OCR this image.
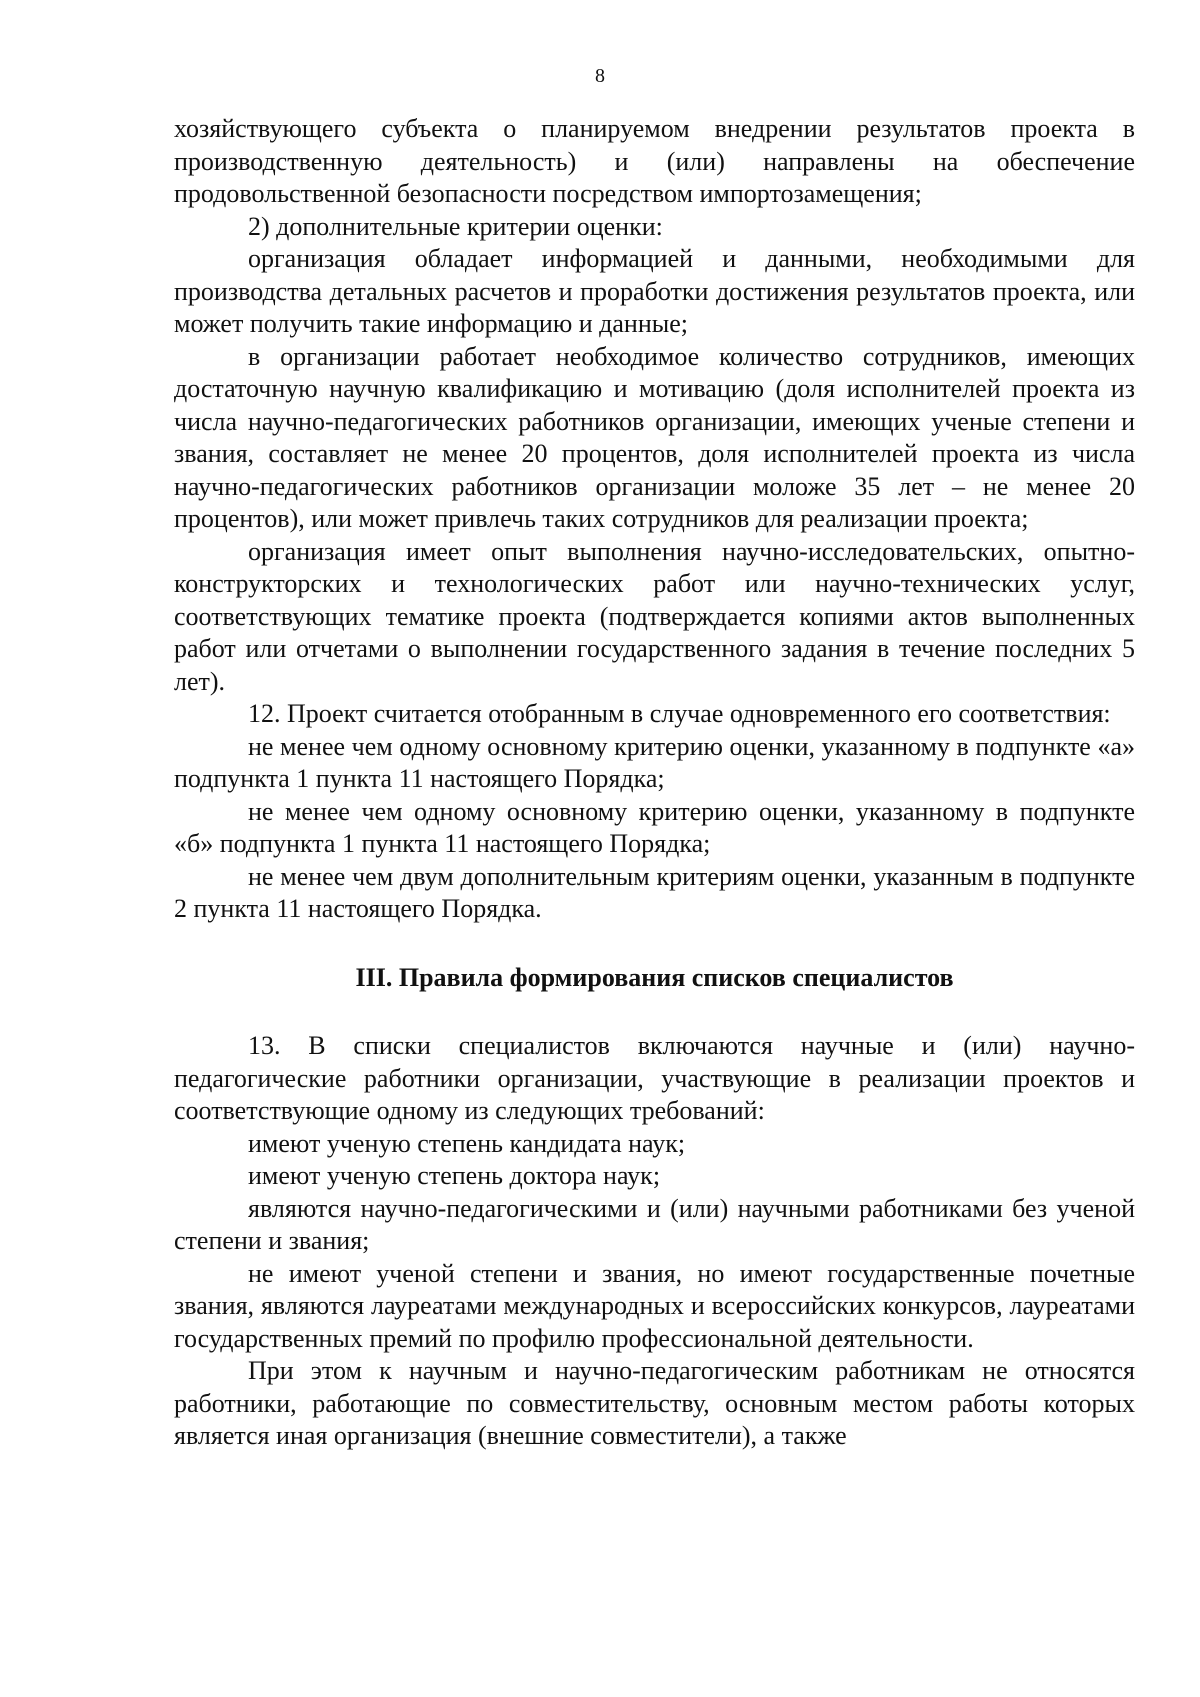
8

хозяйствующего субъекта о планируемом внедрении результатов проекта в производственную деятельность) и (или) направлены на обеспечение продовольственной безопасности посредством импортозамещения;

2) дополнительные критерии оценки:

организация обладает информацией и данными, необходимыми для производства детальных расчетов и проработки достижения результатов проекта, или может получить такие информацию и данные;

в организации работает необходимое количество сотрудников, имеющих достаточную научную квалификацию и мотивацию (доля исполнителей проекта из числа научно-педагогических работников организации, имеющих ученые степени и звания, составляет не менее 20 процентов, доля исполнителей проекта из числа научно-педагогических работников организации моложе 35 лет – не менее 20 процентов), или может привлечь таких сотрудников для реализации проекта;

организация имеет опыт выполнения научно-исследовательских, опытно-конструкторских и технологических работ или научно-технических услуг, соответствующих тематике проекта (подтверждается копиями актов выполненных работ или отчетами о выполнении государственного задания в течение последних 5 лет).

12. Проект считается отобранным в случае одновременного его соответствия:

не менее чем одному основному критерию оценки, указанному в подпункте «а» подпункта 1 пункта 11 настоящего Порядка;

не менее чем одному основному критерию оценки, указанному в подпункте «б» подпункта 1 пункта 11 настоящего Порядка;

не менее чем двум дополнительным критериям оценки, указанным в подпункте 2 пункта 11 настоящего Порядка.

III. Правила формирования списков специалистов

13. В списки специалистов включаются научные и (или) научно-педагогические работники организации, участвующие в реализации проектов и соответствующие одному из следующих требований:

имеют ученую степень кандидата наук;

имеют ученую степень доктора наук;

являются научно-педагогическими и (или) научными работниками без ученой степени и звания;

не имеют ученой степени и звания, но имеют государственные почетные звания, являются лауреатами международных и всероссийских конкурсов, лауреатами государственных премий по профилю профессиональной деятельности.

При этом к научным и научно-педагогическим работникам не относятся работники, работающие по совместительству, основным местом работы которых является иная организация (внешние совместители), а также
